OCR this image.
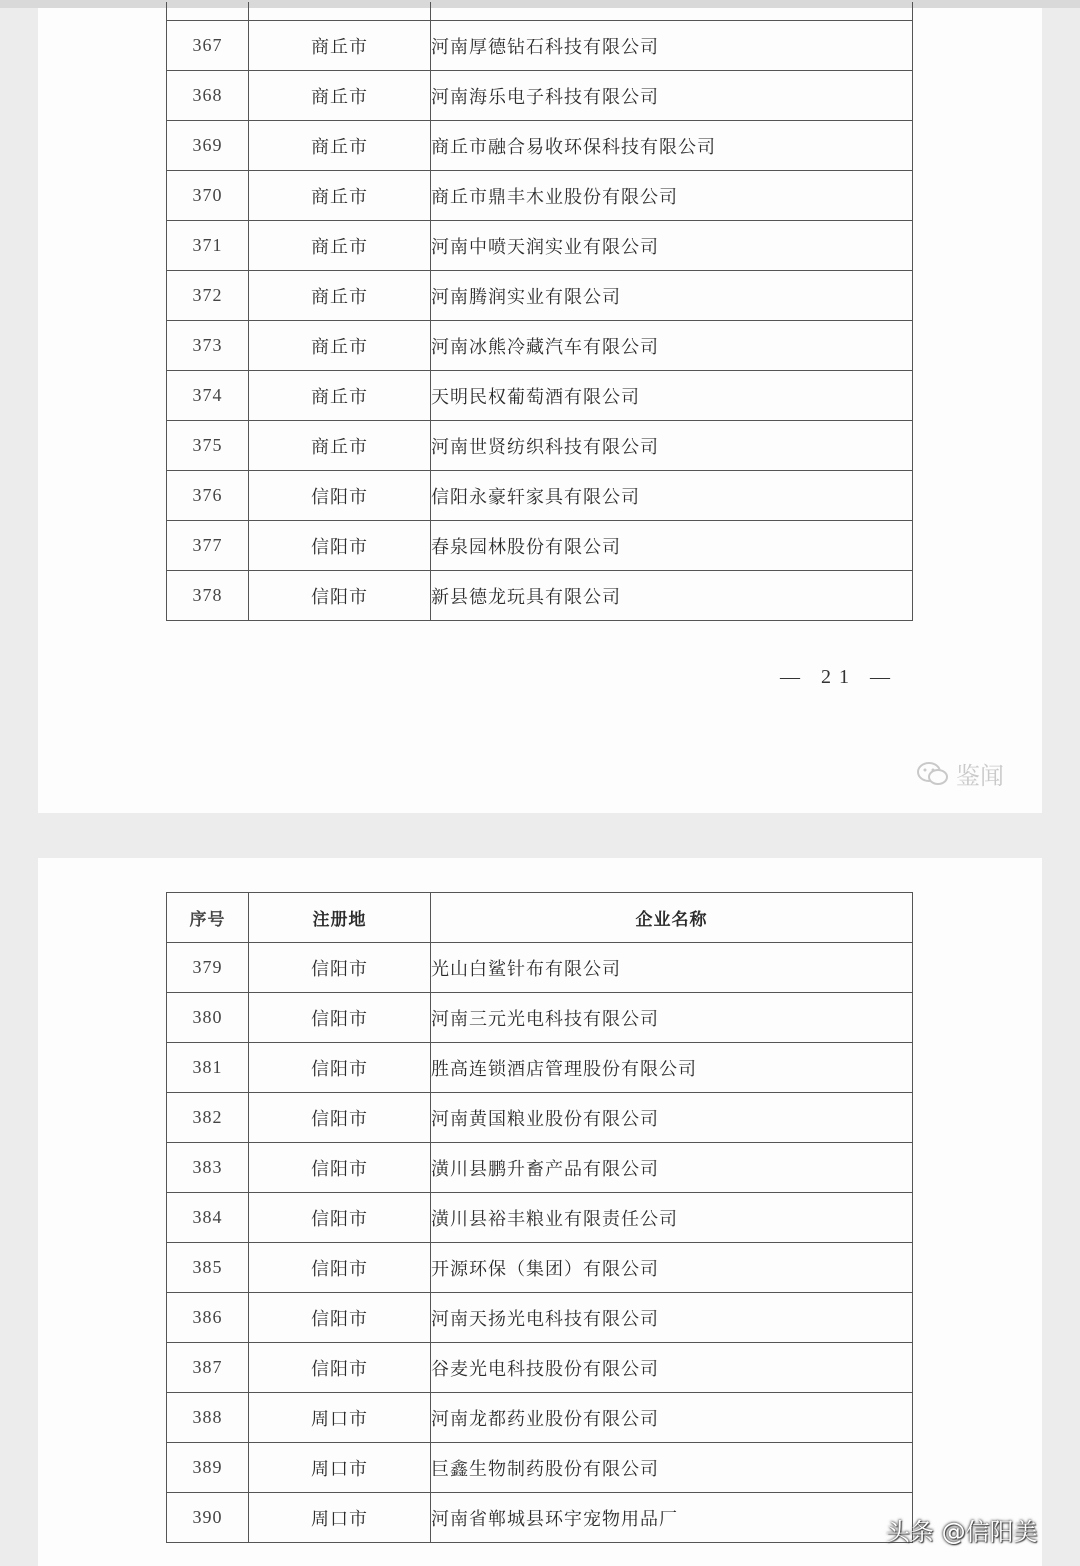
367	商丘市	河南厚德钻石科技有限公司
368	商丘市	河南海乐电子科技有限公司
369	商丘市	商丘市融合易收环保科技有限公司
370	商丘市	商丘市鼎丰木业股份有限公司
371	商丘市	河南中喷天润实业有限公司
372	商丘市	河南腾润实业有限公司
373	商丘市	河南冰熊冷藏汽车有限公司
374	商丘市	天明民权葡萄酒有限公司
375	商丘市	河南世贤纺织科技有限公司
376	信阳市	信阳永豪轩家具有限公司
377	信阳市	春泉园林股份有限公司
378	信阳市	新县德龙玩具有限公司
— 21 —
鉴闻
序号	注册地	企业名称
379	信阳市	光山白鲨针布有限公司
380	信阳市	河南三元光电科技有限公司
381	信阳市	胜高连锁酒店管理股份有限公司
382	信阳市	河南黄国粮业股份有限公司
383	信阳市	潢川县鹏升畜产品有限公司
384	信阳市	潢川县裕丰粮业有限责任公司
385	信阳市	开源环保（集团）有限公司
386	信阳市	河南天扬光电科技有限公司
387	信阳市	谷麦光电科技股份有限公司
388	周口市	河南龙都药业股份有限公司
389	周口市	巨鑫生物制药股份有限公司
390	周口市	河南省郸城县环宇宠物用品厂	头条 @信阳美
